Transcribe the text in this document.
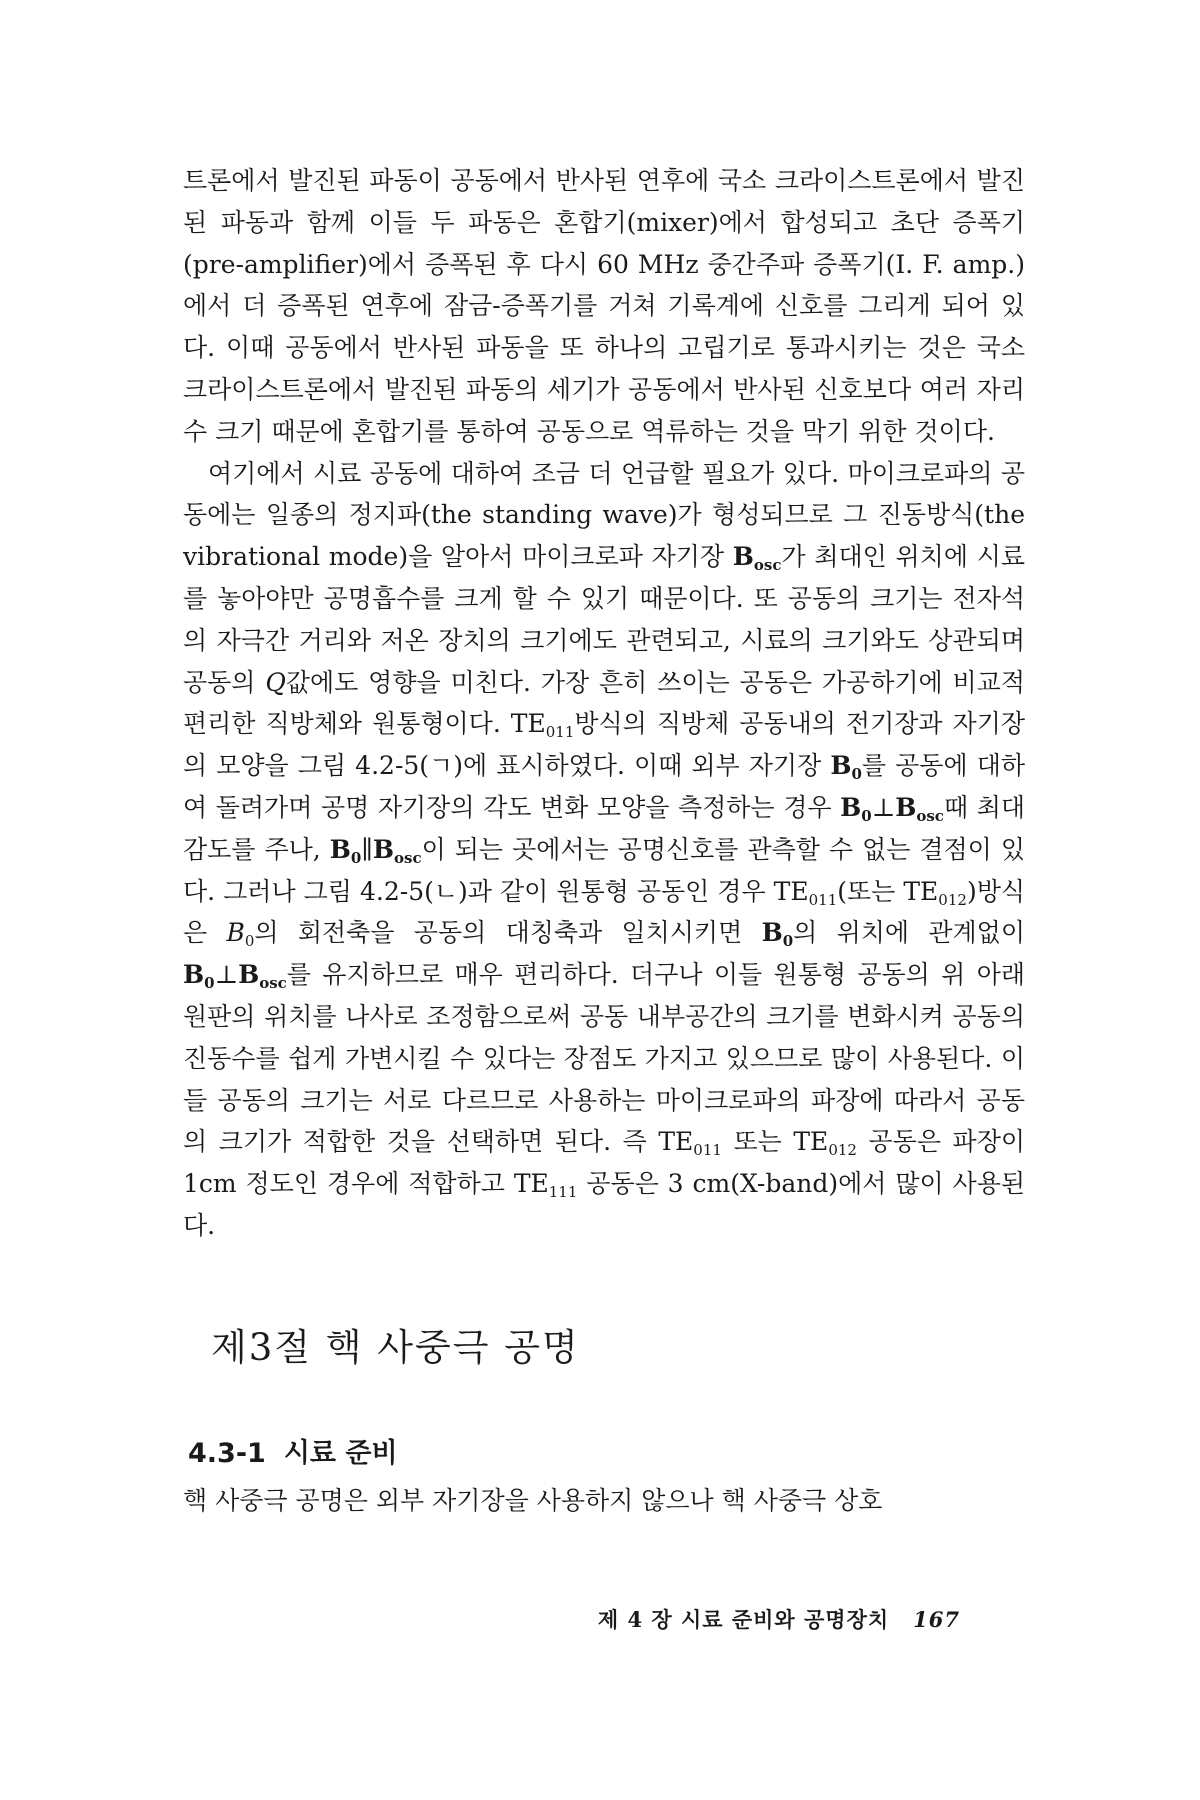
트론에서 발진된 파동이 공동에서 반사된 연후에 국소 크라이스트론에서 발진된 파동과 함께 이들 두 파동은 혼합기(mixer)에서 합성되고 초단 증폭기(pre-amplifier)에서 증폭된 후 다시 60 MHz 중간주파 증폭기(I. F. amp.)에서 더 증폭된 연후에 잠금-증폭기를 거쳐 기록계에 신호를 그리게 되어 있다. 이때 공동에서 반사된 파동을 또 하나의 고립기로 통과시키는 것은 국소 크라이스트론에서 발진된 파동의 세기가 공동에서 반사된 신호보다 여러 자리수 크기 때문에 혼합기를 통하여 공동으로 역류하는 것을 막기 위한 것이다.

여기에서 시료 공동에 대하여 조금 더 언급할 필요가 있다. 마이크로파의 공동에는 일종의 정지파(the standing wave)가 형성되므로 그 진동방식(the vibrational mode)을 알아서 마이크로파 자기장 $B_{osc}$가 최대인 위치에 시료를 놓아야만 공명흡수를 크게 할 수 있기 때문이다. 또 공동의 크기는 전자석의 자극간 거리와 저온 장치의 크기에도 관련되고, 시료의 크기와도 상관되며 공동의 Q값에도 영향을 미친다. 가장 흔히 쓰이는 공동은 가공하기에 비교적 편리한 직방체와 원통형이다. $TE_{011}$방식의 직방체 공동내의 전기장과 자기장의 모양을 그림 4.2-5(ㄱ)에 표시하였다. 이때 외부 자기장 $B_0$를 공동에 대하여 돌려가며 공명 자기장의 각도 변화 모양을 측정하는 경우 $B_0\perp B_{osc}$때 최대 감도를 주나, $B_0\parallel B_{osc}$이 되는 곳에서는 공명신호를 관측할 수 없는 결점이 있다. 그러나 그림 4.2-5(ㄴ)과 같이 원통형 공동인 경우 $TE_{011}$(또는 $TE_{012}$)방식은 $B_0$의 회전축을 공동의 대칭축과 일치시키면 $B_0$의 위치에 관계없이 $B_0\perp B_{osc}$를 유지하므로 매우 편리하다. 더구나 이들 원통형 공동의 위 아래 원판의 위치를 나사로 조정함으로써 공동 내부공간의 크기를 변화시켜 공동의 진동수를 쉽게 가변시킬 수 있다는 장점도 가지고 있으므로 많이 사용된다. 이들 공동의 크기는 서로 다르므로 사용하는 마이크로파의 파장에 따라서 공동의 크기가 적합한 것을 선택하면 된다. 즉 $TE_{011}$ 또는 $TE_{012}$ 공동은 파장이 1cm 정도인 경우에 적합하고 $TE_{111}$ 공동은 3 cm(X-band)에서 많이 사용된다.

제3절 핵 사중극 공명
4.3-1 시료 준비

핵 사중극 공명은 외부 자기장을 사용하지 않으나 핵 사중극 상호

제 4 장 시료 준비와 공명장치 167
